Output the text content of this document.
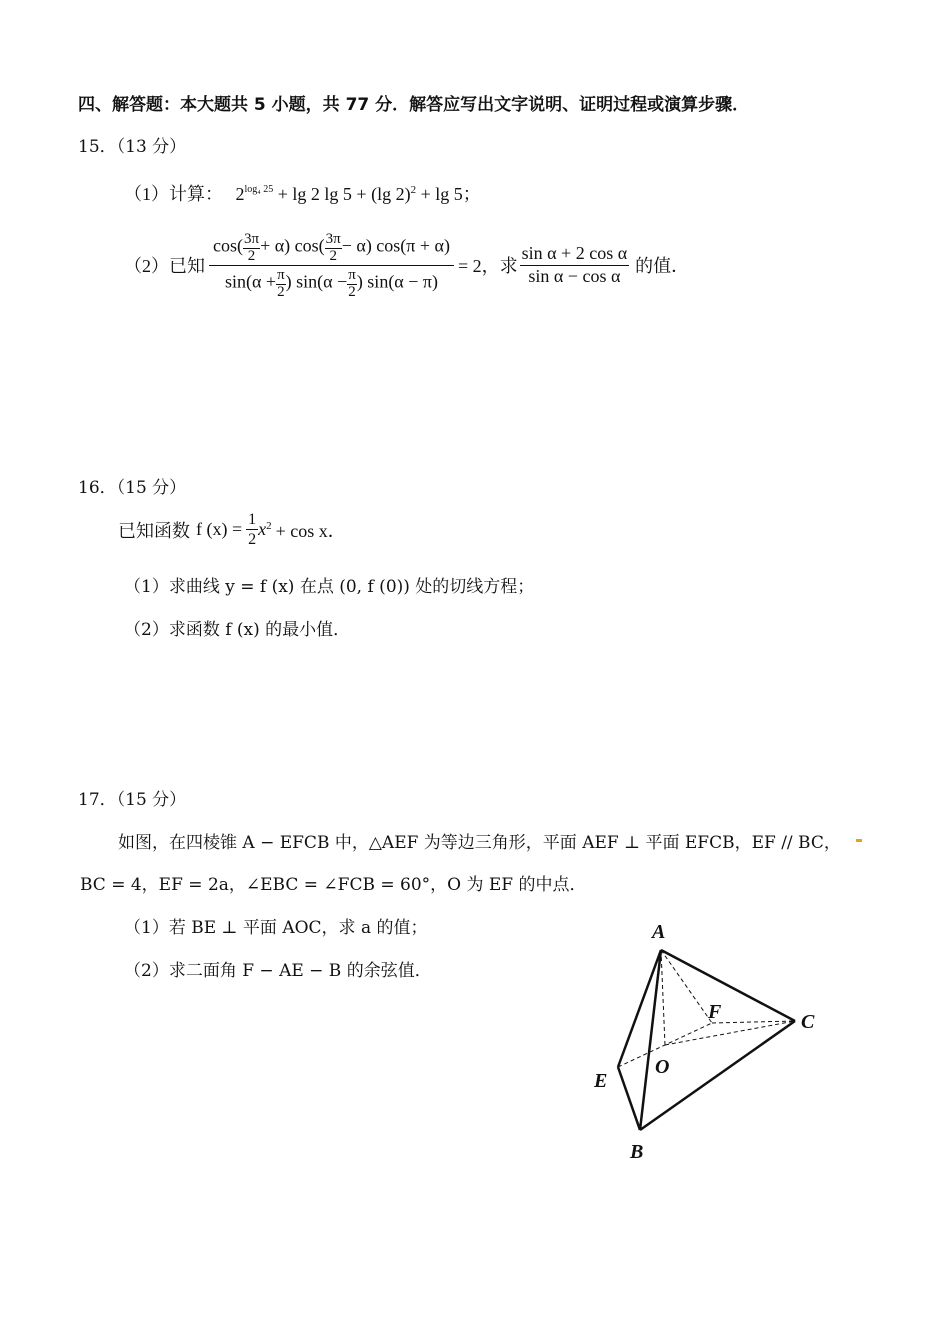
四、解答题：本大题共 5 小题，共 77 分．解答应写出文字说明、证明过程或演算步骤．
15．（13 分）
（1）计算： $2^{log_4 25} + \lg 2$ lg 5 + (lg 2)$^2$ + lg 5；
（2）已知 $\frac{\cos( \frac{3\pi}{2} + \alpha) \cos( \frac{3\pi}{2} - \alpha) \cos(\pi + \alpha)}{\sin(\alpha + \frac{\pi}{2} ) \sin(\alpha - \frac{\pi}{2} ) \sin(\alpha - \pi)} = 2$，求 $\frac{\text{sin α + 2 cos α}}{\text{sin α − cos α}}$ 的值．
16．（15 分）
已知函数 f $(x) = \frac{1}{2} x^2 + \cos x$．
（1）求曲线 y = f (x) 在点 (0, f (0)) 处的切线方程；
（2）求函数 f (x) 的最小值．
17．（15 分）
如图，在四棱锥 A − EFCB 中，△AEF 为等边三角形，平面 AEF ⊥ 平面 EFCB，EF // BC，
BC = 4，EF = 2a，∠EBC = ∠FCB = 60°，O 为 EF 的中点．
（1）若 BE ⊥ 平面 AOC，求 a 的值；
（2）求二面角 F − AE − B 的余弦值．
A
F	C
O
E
B
